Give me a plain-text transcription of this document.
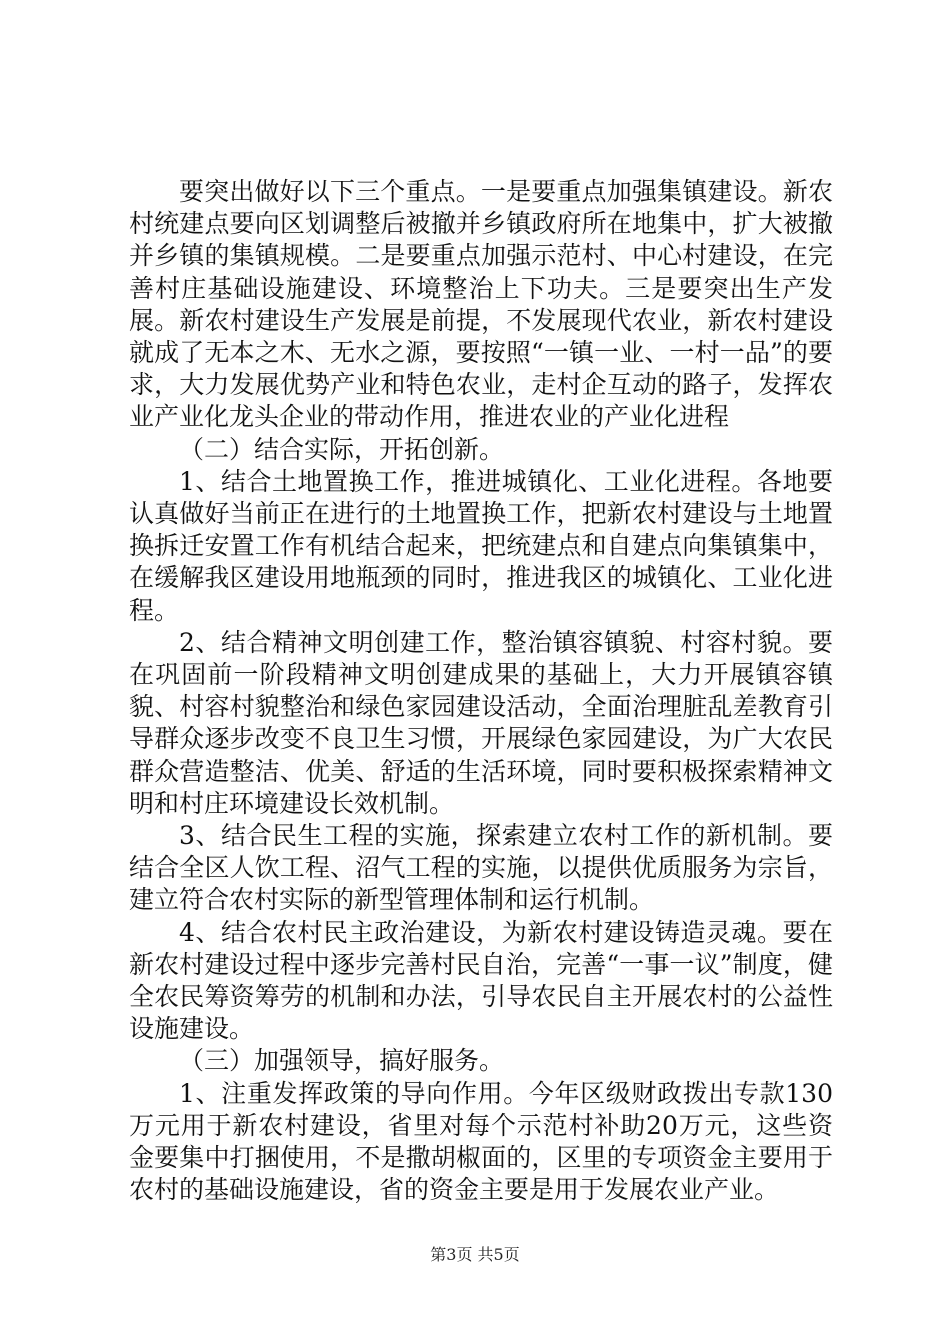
要突出做好以下三个重点。一是要重点加强集镇建设。新农村统建点要向区划调整后被撤并乡镇政府所在地集中，扩大被撤并乡镇的集镇规模。二是要重点加强示范村、中心村建设，在完善村庄基础设施建设、环境整治上下功夫。三是要突出生产发展。新农村建设生产发展是前提，不发展现代农业，新农村建设就成了无本之木、无水之源，要按照“一镇一业、一村一品”的要求，大力发展优势产业和特色农业，走村企互动的路子，发挥农业产业化龙头企业的带动作用，推进农业的产业化进程

（二）结合实际，开拓创新。

1、结合土地置换工作，推进城镇化、工业化进程。各地要认真做好当前正在进行的土地置换工作，把新农村建设与土地置换拆迁安置工作有机结合起来，把统建点和自建点向集镇集中，在缓解我区建设用地瓶颈的同时，推进我区的城镇化、工业化进程。

2、结合精神文明创建工作，整治镇容镇貌、村容村貌。要在巩固前一阶段精神文明创建成果的基础上，大力开展镇容镇貌、村容村貌整治和绿色家园建设活动，全面治理脏乱差教育引导群众逐步改变不良卫生习惯，开展绿色家园建设，为广大农民群众营造整洁、优美、舒适的生活环境，同时要积极探索精神文明和村庄环境建设长效机制。

3、结合民生工程的实施，探索建立农村工作的新机制。要结合全区人饮工程、沼气工程的实施，以提供优质服务为宗旨，建立符合农村实际的新型管理体制和运行机制。

4、结合农村民主政治建设，为新农村建设铸造灵魂。要在新农村建设过程中逐步完善村民自治，完善“一事一议”制度，健全农民筹资筹劳的机制和办法，引导农民自主开展农村的公益性设施建设。

（三）加强领导，搞好服务。

1、注重发挥政策的导向作用。今年区级财政拨出专款130万元用于新农村建设，省里对每个示范村补助20万元，这些资金要集中打捆使用，不是撒胡椒面的，区里的专项资金主要用于农村的基础设施建设，省的资金主要是用于发展农业产业。

第3页 共5页
